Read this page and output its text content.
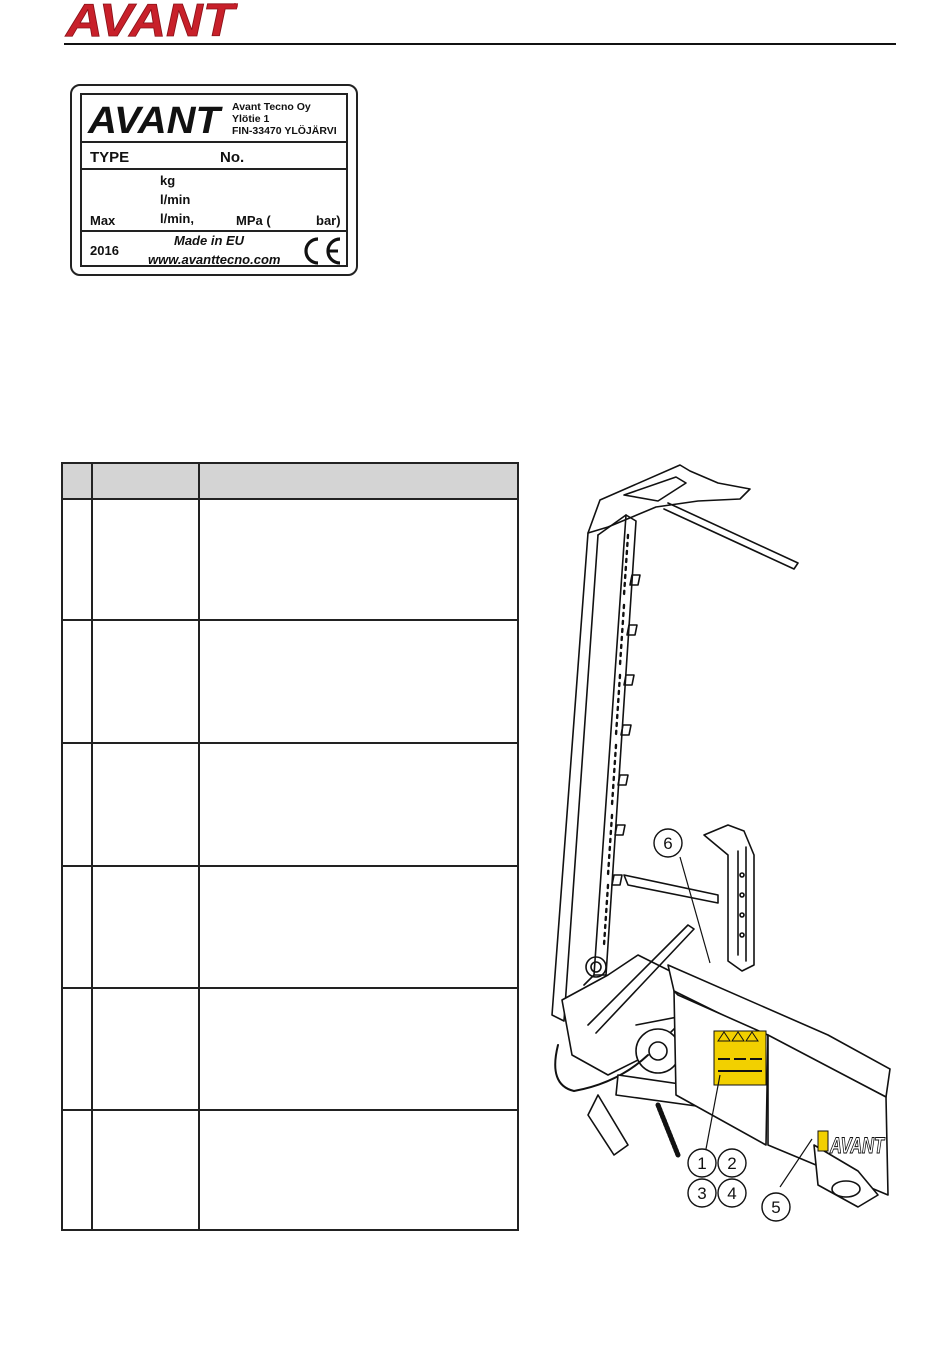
AVANT
®
AVANT Avant Tecno Oy
Ylötie 1
FIN-33470 YLÖJÄRVI
TYPE	No.
kg
l/min
Max	l/min,	MPa (	bar)
2016
Made in EU
www.avanttecno.com
AVANT
6
1 2
3 4
5
